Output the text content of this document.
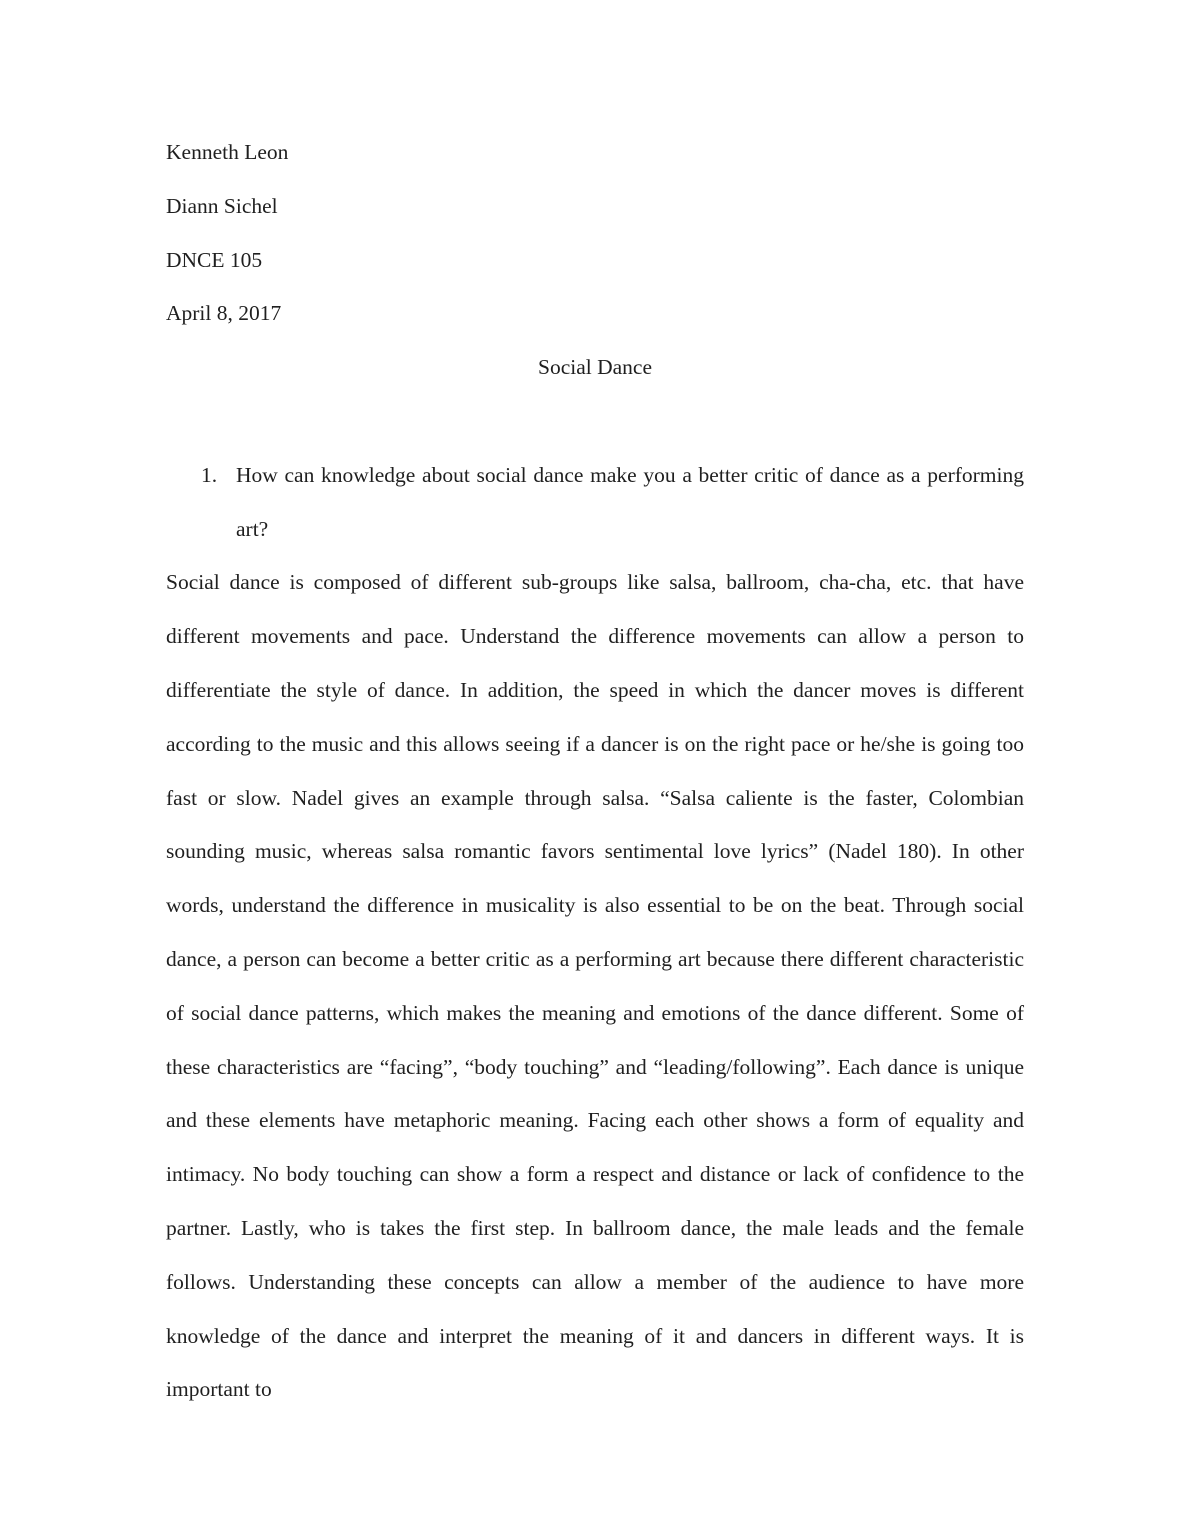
Kenneth Leon

Diann Sichel

DNCE 105

April 8, 2017

Social Dance

1. How can knowledge about social dance make you a better critic of dance as a performing art?

Social dance is composed of different sub-groups like salsa, ballroom, cha-cha, etc. that have different movements and pace. Understand the difference movements can allow a person to differentiate the style of dance. In addition, the speed in which the dancer moves is different according to the music and this allows seeing if a dancer is on the right pace or he/she is going too fast or slow. Nadel gives an example through salsa. “Salsa caliente is the faster, Colombian sounding music, whereas salsa romantic favors sentimental love lyrics” (Nadel 180). In other words, understand the difference in musicality is also essential to be on the beat. Through social dance, a person can become a better critic as a performing art because there different characteristic of social dance patterns, which makes the meaning and emotions of the dance different. Some of these characteristics are “facing”, “body touching” and “leading/following”. Each dance is unique and these elements have metaphoric meaning. Facing each other shows a form of equality and intimacy. No body touching can show a form a respect and distance or lack of confidence to the partner. Lastly, who is takes the first step. In ballroom dance, the male leads and the female follows. Understanding these concepts can allow a member of the audience to have more knowledge of the dance and interpret the meaning of it and dancers in different ways. It is important to
